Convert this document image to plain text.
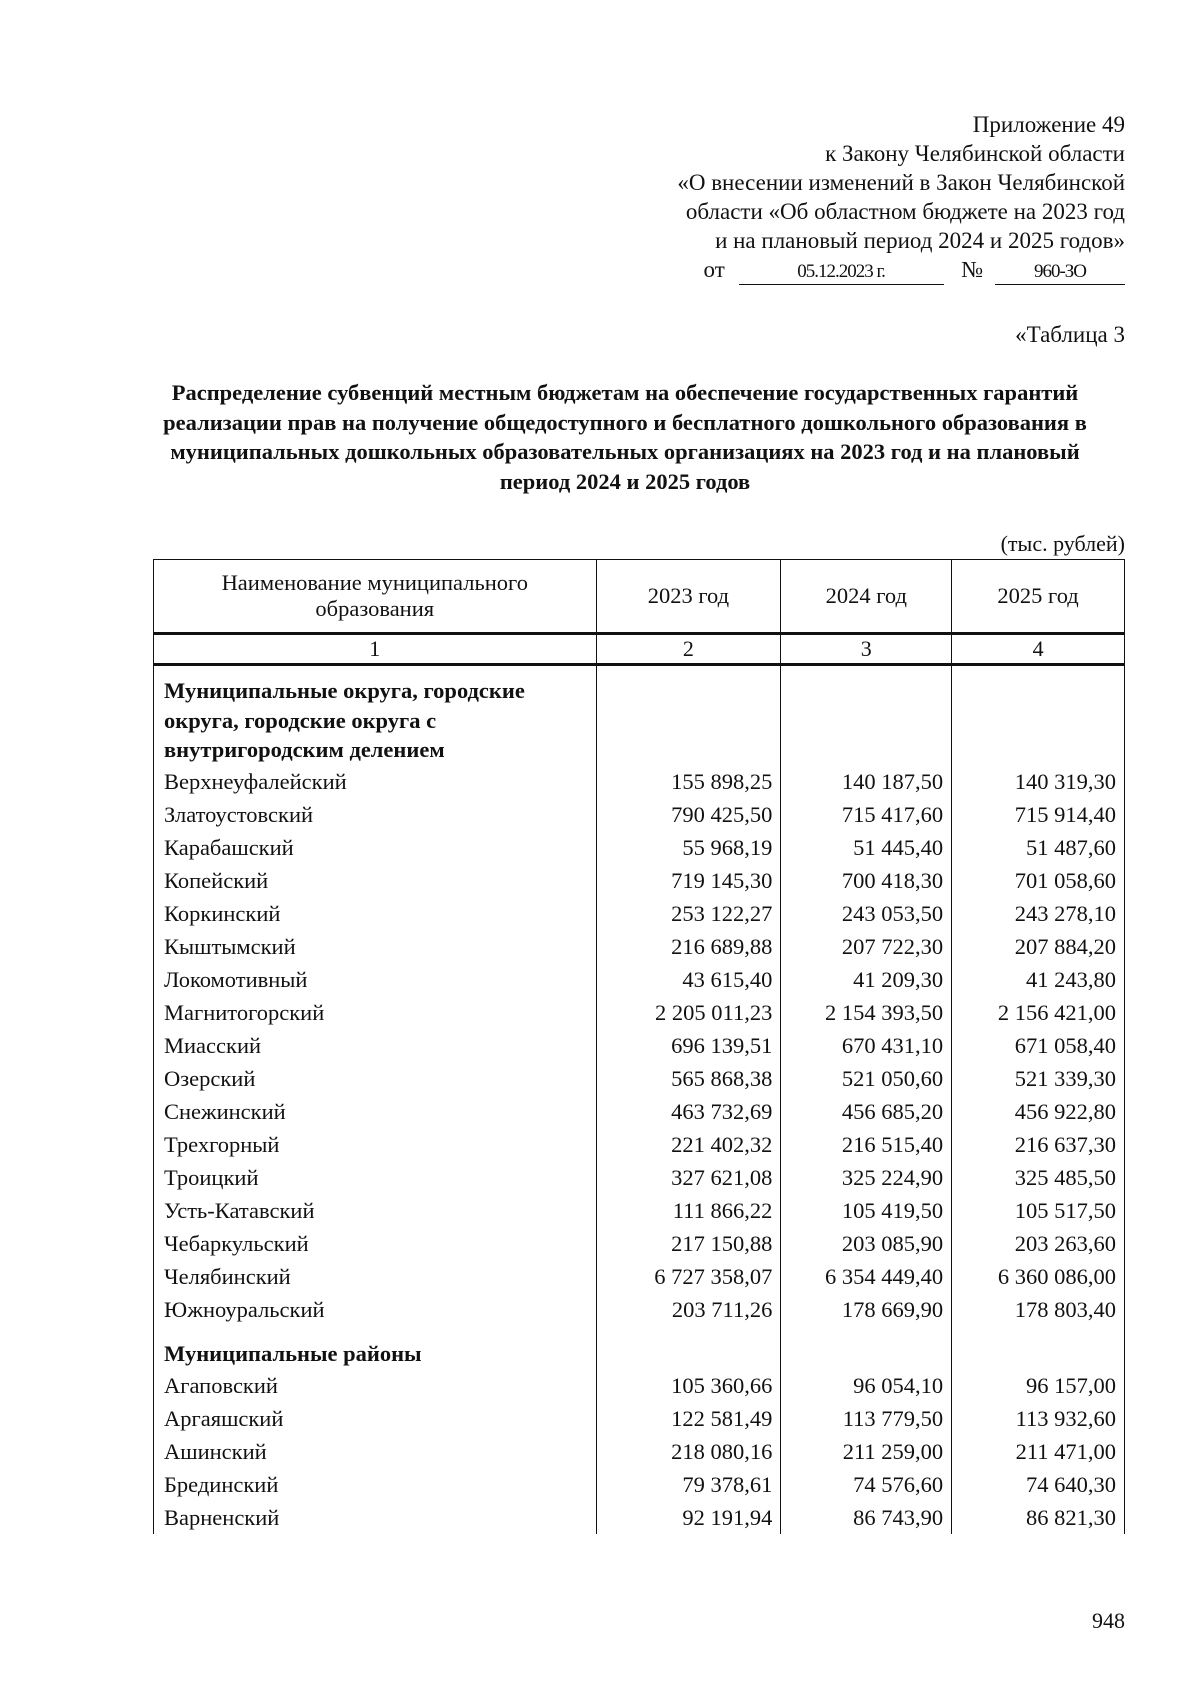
Приложение 49
к Закону Челябинской области
«О внесении изменений в Закон Челябинской
области «Об областном бюджете на 2023 год
и на плановый период 2024 и 2025 годов»
от	05.12.2023 г.	№	960-ЗО
«Таблица 3
Распределение субвенций местным бюджетам на обеспечение государственных гарантий реализации прав на получение общедоступного и бесплатного дошкольного образования в муниципальных дошкольных образовательных организациях на 2023 год и на плановый период 2024 и 2025 годов
(тыс. рублей)
Наименование муниципального образования	2023 год	2024 год	2025 год
1	2	3	4
Муниципальные округа, городские округа, городские округа с внутригородским делением			
Верхнеуфалейский	155 898,25	140 187,50	140 319,30
Златоустовский	790 425,50	715 417,60	715 914,40
Карабашский	55 968,19	51 445,40	51 487,60
Копейский	719 145,30	700 418,30	701 058,60
Коркинский	253 122,27	243 053,50	243 278,10
Кыштымский	216 689,88	207 722,30	207 884,20
Локомотивный	43 615,40	41 209,30	41 243,80
Магнитогорский	2 205 011,23	2 154 393,50	2 156 421,00
Миасский	696 139,51	670 431,10	671 058,40
Озерский	565 868,38	521 050,60	521 339,30
Снежинский	463 732,69	456 685,20	456 922,80
Трехгорный	221 402,32	216 515,40	216 637,30
Троицкий	327 621,08	325 224,90	325 485,50
Усть-Катавский	111 866,22	105 419,50	105 517,50
Чебаркульский	217 150,88	203 085,90	203 263,60
Челябинский	6 727 358,07	6 354 449,40	6 360 086,00
Южноуральский	203 711,26	178 669,90	178 803,40
Муниципальные районы			
Агаповский	105 360,66	96 054,10	96 157,00
Аргаяшский	122 581,49	113 779,50	113 932,60
Ашинский	218 080,16	211 259,00	211 471,00
Брединский	79 378,61	74 576,60	74 640,30
Варненский	92 191,94	86 743,90	86 821,30
948
